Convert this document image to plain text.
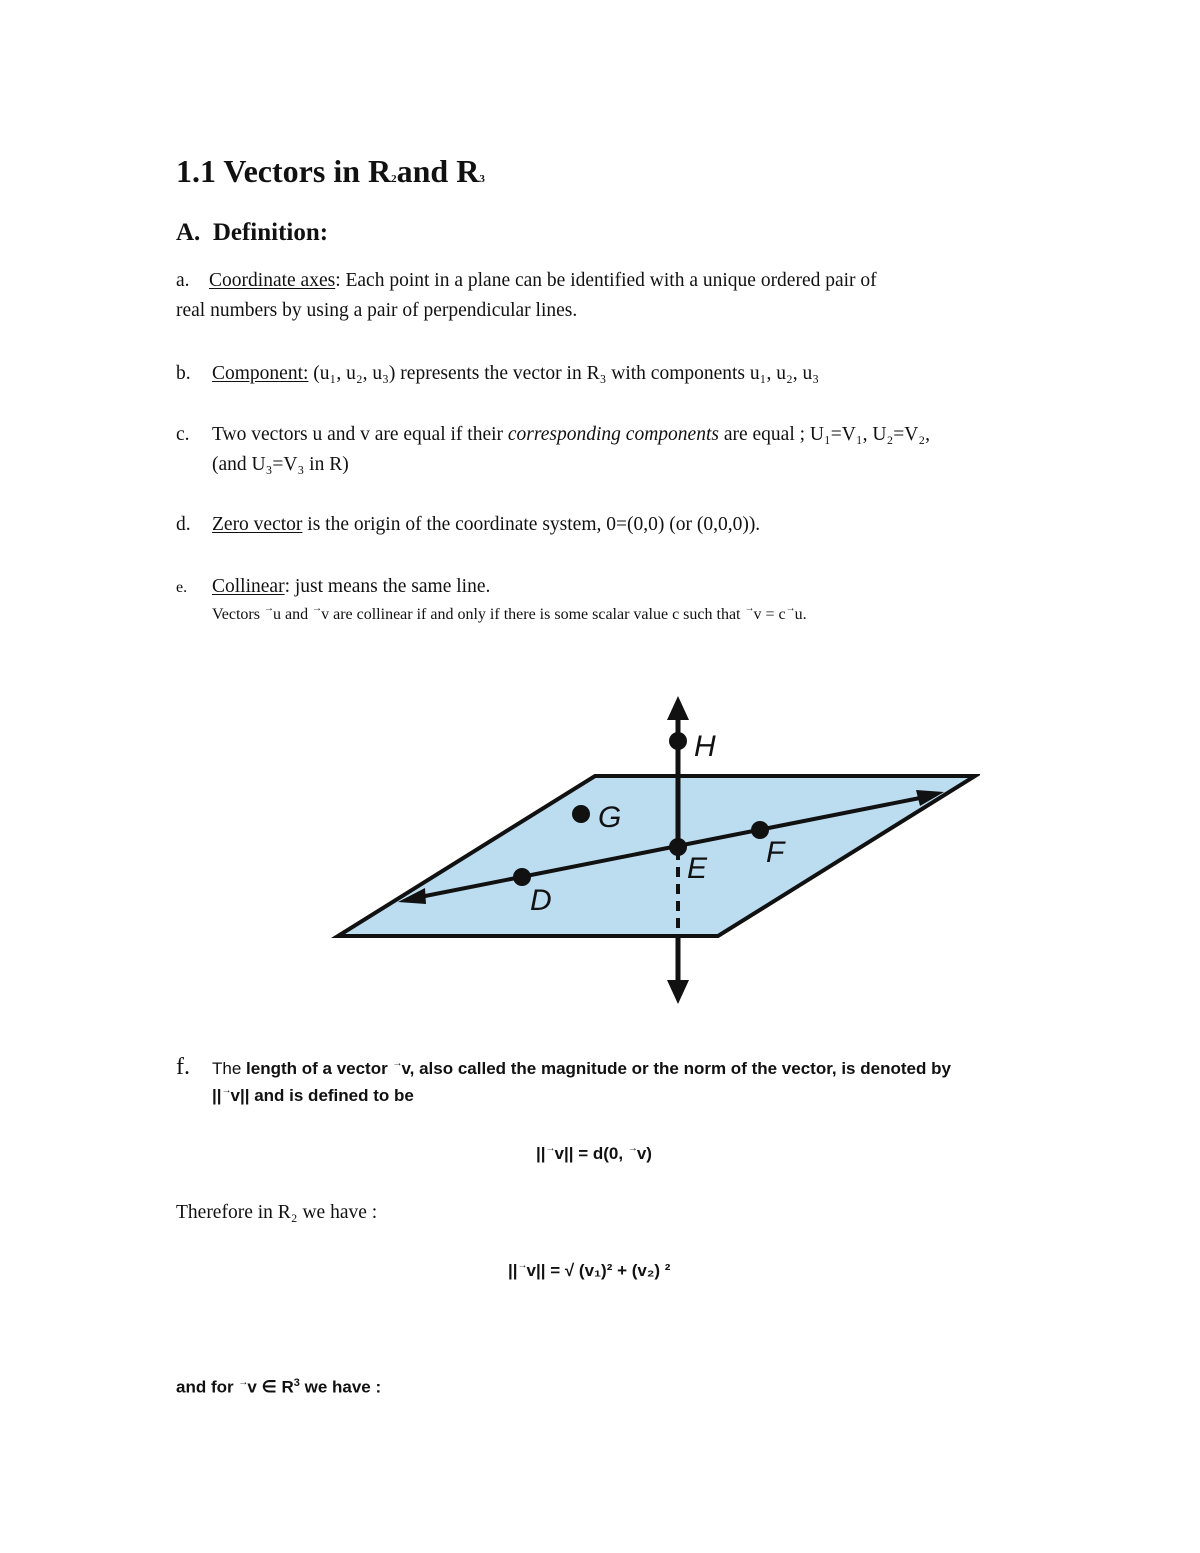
1.1 Vectors in R2and R3
A. Definition:
a. Coordinate axes: Each point in a plane can be identified with a unique ordered pair of
real numbers by using a pair of perpendicular lines.
b. Component: (u₁, u₂, u₃) represents the vector in R₃ with components u₁, u₂, u₃
c. Two vectors u and v are equal if their corresponding components are equal ; U₁=V₁, U₂=V₂,
(and U₃=V₃ in R)
d. Zero vector is the origin of the coordinate system, 0=(0,0) (or (0,0,0)).
e. Collinear: just means the same line.
Vectors →u and →v are collinear if and only if there is some scalar value c such that →v = c→u.
H
G
E F
D
f. The length of a vector →v, also called the magnitude or the norm of the vector, is denoted by
||→v|| and is defined to be
||→v|| = d(0, →v)
Therefore in R₂ we have :
||→v|| = √ (v₁)² + (v₂) ²
and for →v ∈ $R^3$ we have :
